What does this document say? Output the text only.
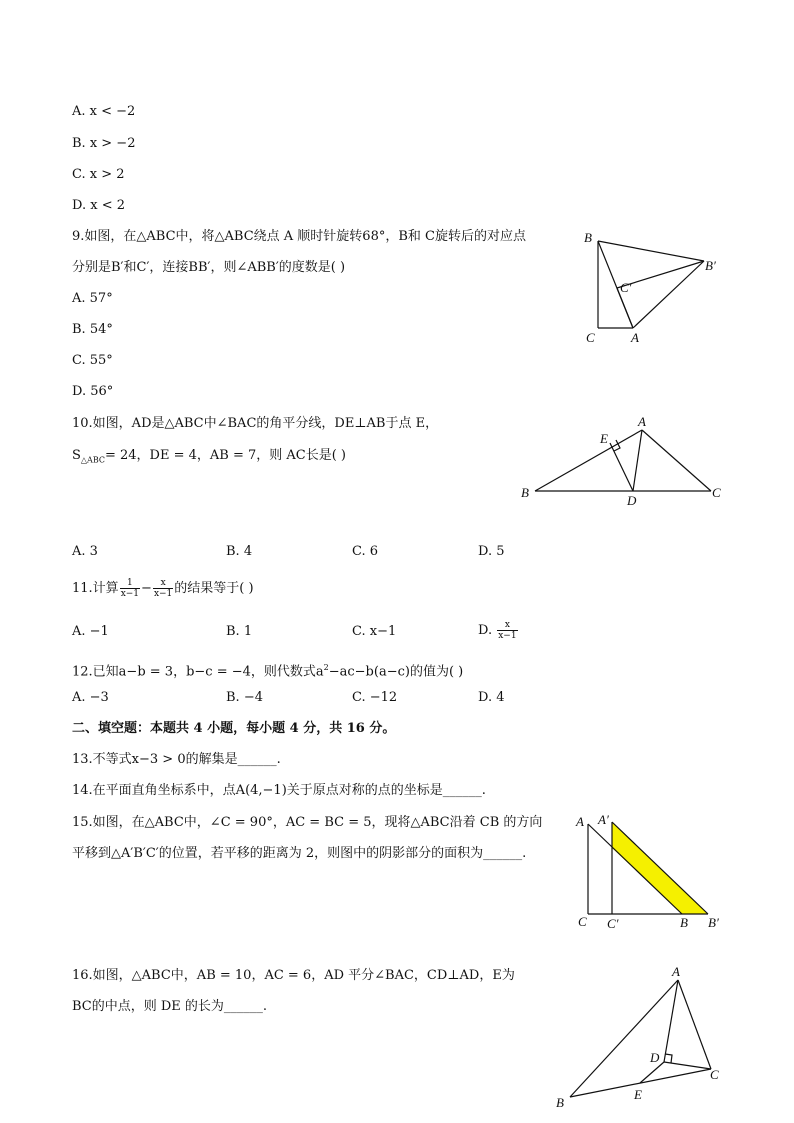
A. x < −2
B. x > −2
C. x > 2
D. x < 2
9.如图，在△ABC中，将△ABC绕点 A 顺时针旋转68°，B和 C旋转后的对应点
分别是B′和C′，连接BB′，则∠ABB′的度数是( )
A. 57°
B. 54°
C. 55°
D. 56°
B
B′
C′
C	A
10.如图，AD是△ABC中∠BAC的角平分线，DE⊥AB于点 E，
$S_{\triangle ABC}= 24$，DE = 4，AB = 7，则 AC长是( )
A. 3	B. 4	C. 6	D. 5
A
E
B
D
C
11.计算 $\frac{1}{x-1} - \frac{x}{x-1}$ 的结果等于( )
A. −1	B. 1	C. x−1	D. $\frac{x}{x-1}$
12.已知a−b = 3，b−c = −4，则代数式$a^2-ac-b(a-c)$的值为( )
A. −3	B. −4	C. −12	D. 4
二、填空题：本题共 4 小题，每小题 4 分，共 16 分。
13.不等式x−3 > 0的解集是______.
14.在平面直角坐标系中，点A(4,−1)关于原点对称的点的坐标是______.
15.如图，在△ABC中，∠C = 90°，AC = BC = 5，现将△ABC沿着 CB 的方向
平移到△A′B′C′的位置，若平移的距离为 2，则图中的阴影部分的面积为______.
A A′
C C′	B B′
16.如图，△ABC中，AB = 10，AC = 6，AD 平分∠BAC，CD⊥AD，E为
BC的中点，则 DE 的长为______.
A
D
C
E
B
